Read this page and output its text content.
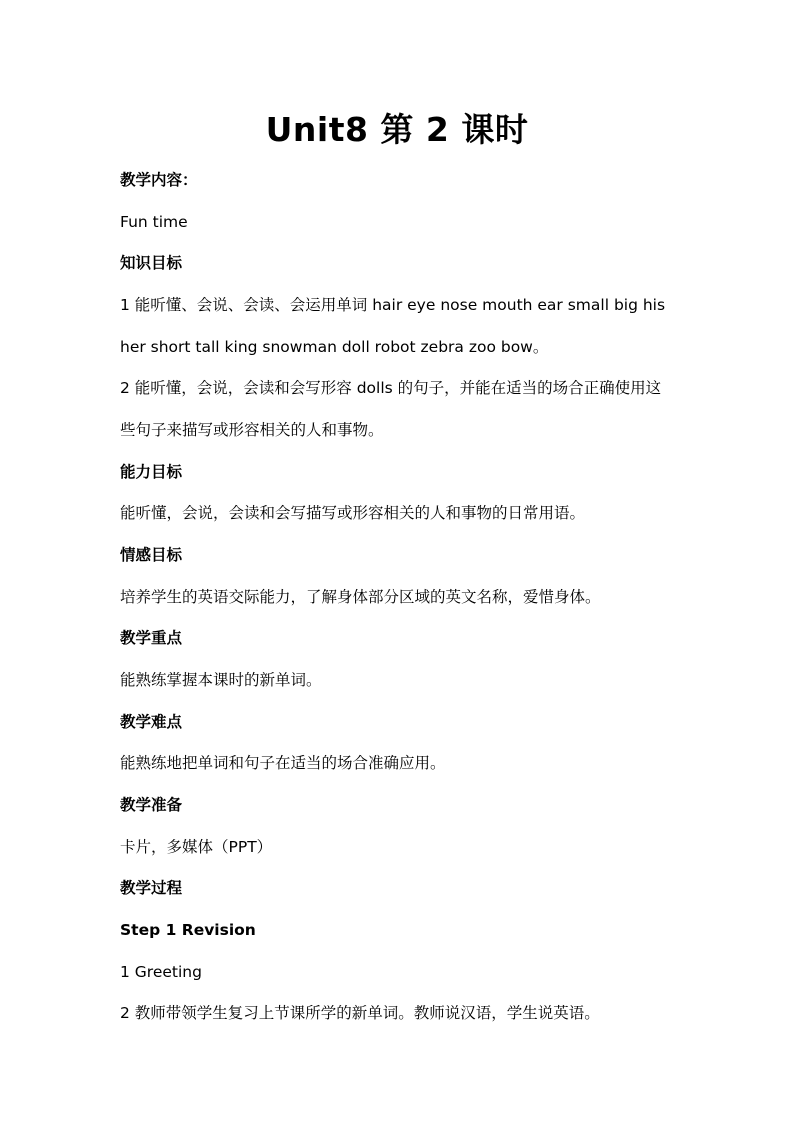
Unit8 第 2 课时
教学内容：
Fun time
知识目标
1 能听懂、会说、会读、会运用单词 hair eye nose mouth ear small big his
her short tall king snowman doll robot zebra zoo bow。
2 能听懂，会说，会读和会写形容 dolls 的句子，并能在适当的场合正确使用这
些句子来描写或形容相关的人和事物。
能力目标
能听懂，会说，会读和会写描写或形容相关的人和事物的日常用语。
情感目标
培养学生的英语交际能力，了解身体部分区域的英文名称，爱惜身体。
教学重点
能熟练掌握本课时的新单词。
教学难点
能熟练地把单词和句子在适当的场合准确应用。
教学准备
卡片，多媒体（PPT）
教学过程
Step 1 Revision
1 Greeting
2 教师带领学生复习上节课所学的新单词。教师说汉语，学生说英语。
